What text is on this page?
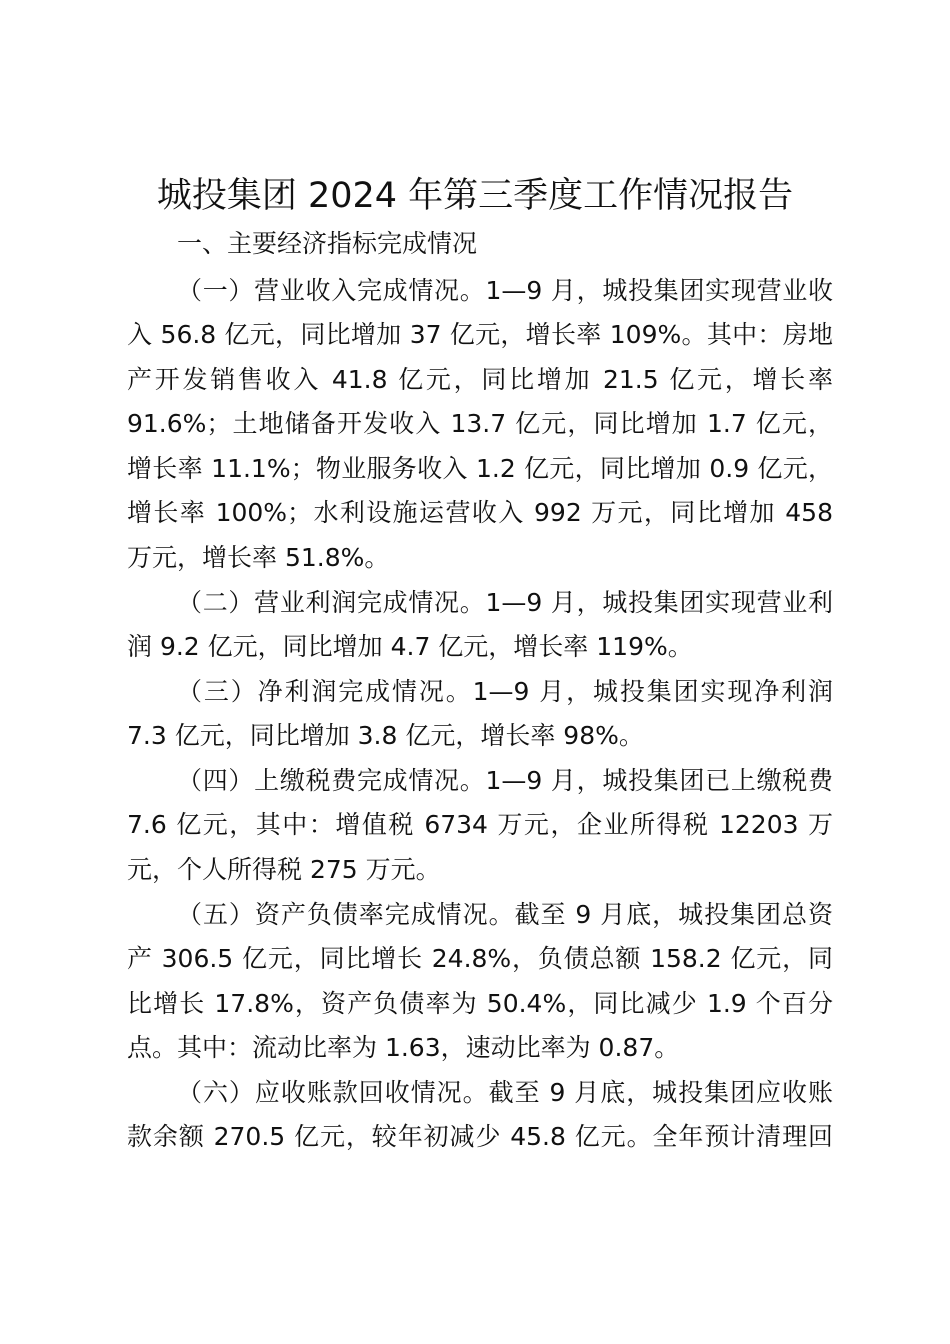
城投集团 2024 年第三季度工作情况报告
一、主要经济指标完成情况
（一）营业收入完成情况。1—9 月，城投集团实现营业收
入 56.8 亿元，同比增加 37 亿元，增长率 109%。其中：房地
产开发销售收入 41.8 亿元，同比增加 21.5 亿元，增长率
91.6%；土地储备开发收入 13.7 亿元，同比增加 1.7 亿元，
增长率 11.1%；物业服务收入 1.2 亿元，同比增加 0.9 亿元，
增长率 100%；水利设施运营收入 992 万元，同比增加 458
万元，增长率 51.8%。
（二）营业利润完成情况。1—9 月，城投集团实现营业利
润 9.2 亿元，同比增加 4.7 亿元，增长率 119%。
（三）净利润完成情况。1—9 月，城投集团实现净利润
7.3 亿元，同比增加 3.8 亿元，增长率 98%。
（四）上缴税费完成情况。1—9 月，城投集团已上缴税费
7.6 亿元，其中：增值税 6734 万元，企业所得税 12203 万
元，个人所得税 275 万元。
（五）资产负债率完成情况。截至 9 月底，城投集团总资
产 306.5 亿元，同比增长 24.8%，负债总额 158.2 亿元，同
比增长 17.8%，资产负债率为 50.4%，同比减少 1.9 个百分
点。其中：流动比率为 1.63，速动比率为 0.87。
（六）应收账款回收情况。截至 9 月底，城投集团应收账
款余额 270.5 亿元，较年初减少 45.8 亿元。全年预计清理回
